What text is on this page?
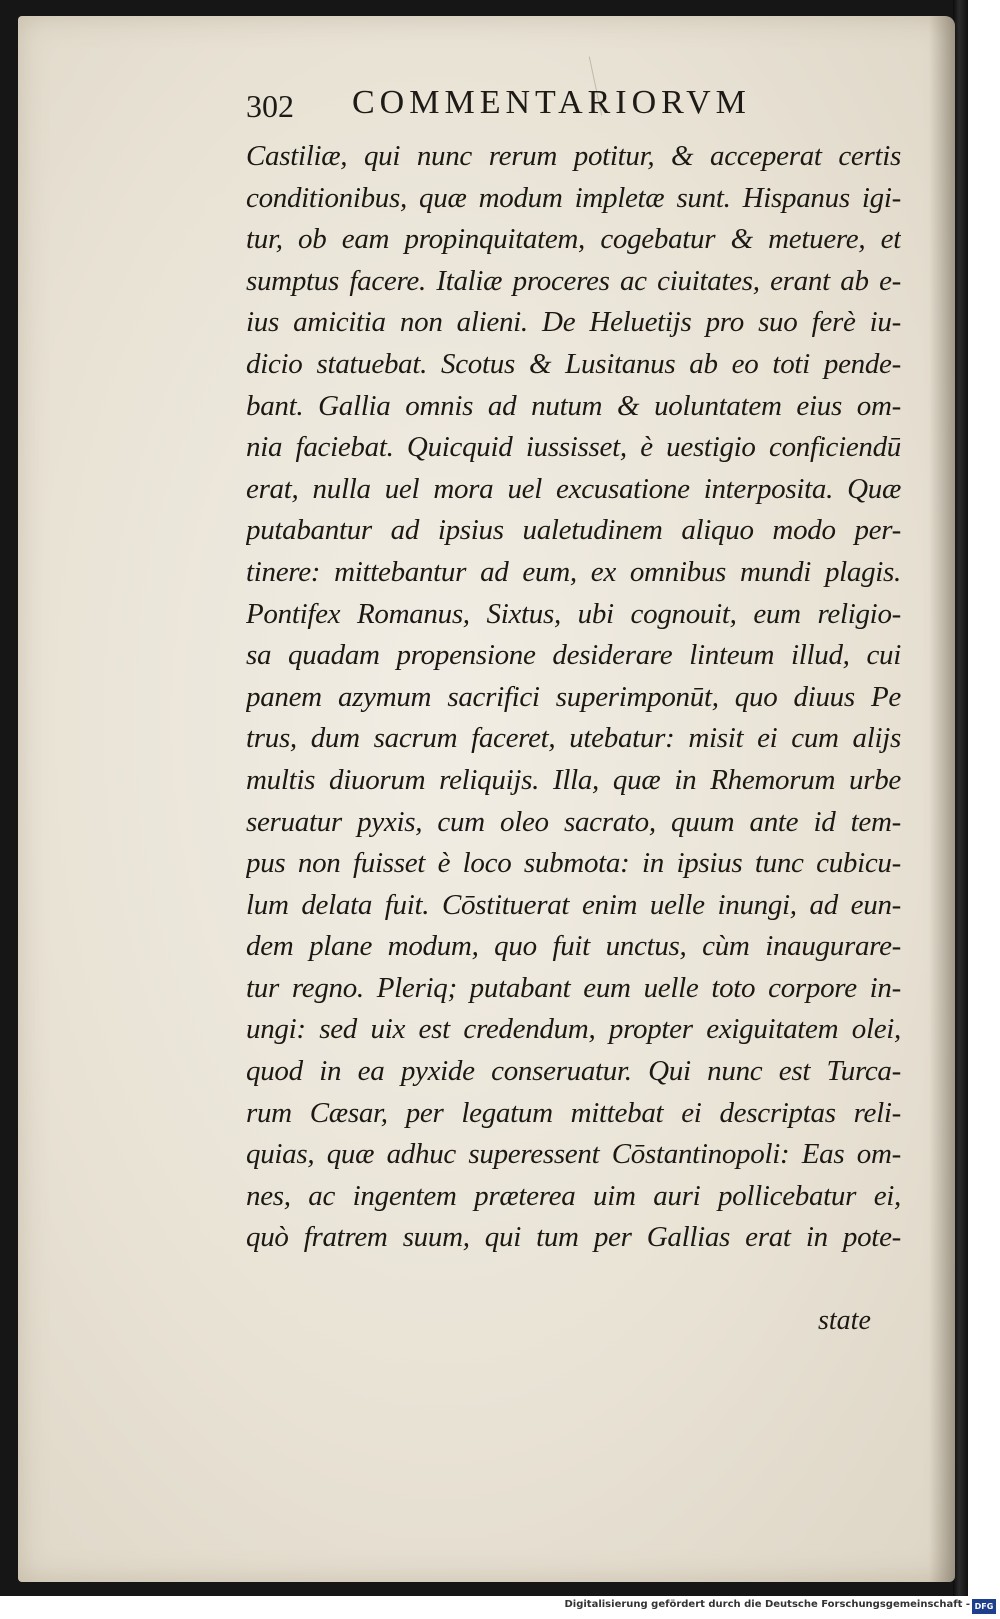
302 COMMENTARIORVM
Castiliæ, qui nunc rerum potitur, & acceperat certis
conditionibus, quæ modum impletæ sunt. Hispanus igi-
tur, ob eam propinquitatem, cogebatur & metuere, et
sumptus facere. Italiæ proceres ac ciuitates, erant ab e-
ius amicitia non alieni. De Heluetijs pro suo ferè iu-
dicio statuebat. Scotus & Lusitanus ab eo toti pende-
bant. Gallia omnis ad nutum & uoluntatem eius om-
nia faciebat. Quicquid iussisset, è uestigio conficiendū
erat, nulla uel mora uel excusatione interposita. Quæ
putabantur ad ipsius ualetudinem aliquo modo per-
tinere: mittebantur ad eum, ex omnibus mundi plagis.
Pontifex Romanus, Sixtus, ubi cognouit, eum religio-
sa quadam propensione desiderare linteum illud, cui
panem azymum sacrifici superimponūt, quo diuus Pe
trus, dum sacrum faceret, utebatur: misit ei cum alijs
multis diuorum reliquijs. Illa, quæ in Rhemorum urbe
seruatur pyxis, cum oleo sacrato, quum ante id tem-
pus non fuisset è loco submota: in ipsius tunc cubicu-
lum delata fuit. Cōstituerat enim uelle inungi, ad eun-
dem plane modum, quo fuit unctus, cùm inaugurare-
tur regno. Pleriq; putabant eum uelle toto corpore in-
ungi: sed uix est credendum, propter exiguitatem olei,
quod in ea pyxide conseruatur. Qui nunc est Turca-
rum Cæsar, per legatum mittebat ei descriptas reli-
quias, quæ adhuc superessent Cōstantinopoli: Eas om-
nes, ac ingentem præterea uim auri pollicebatur ei,
quò fratrem suum, qui tum per Gallias erat in pote-
state
Digitalisierung gefördert durch die Deutsche Forschungsgemeinschaft - DFG
